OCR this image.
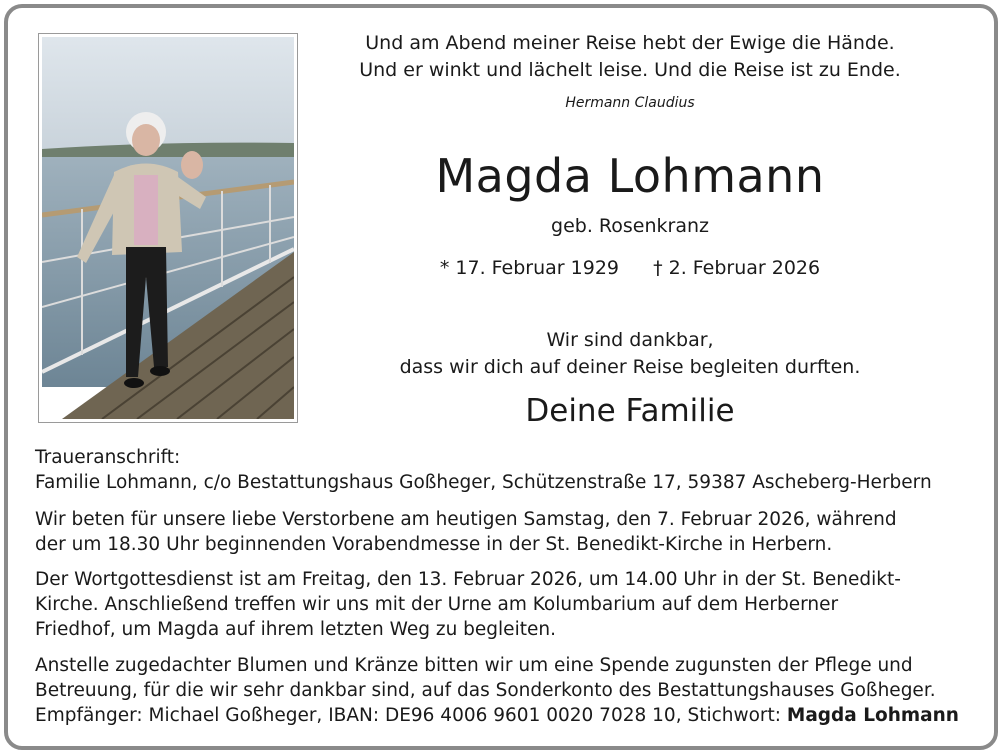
Und am Abend meiner Reise hebt der Ewige die Hände.
Und er winkt und lächelt leise. Und die Reise ist zu Ende.
Hermann Claudius
Magda Lohmann
geb. Rosenkranz
* 17. Februar 1929 † 2. Februar 2026
Wir sind dankbar,
dass wir dich auf deiner Reise begleiten durften.
Deine Familie
Traueranschrift:
Familie Lohmann, c/o Bestattungshaus Goßheger, Schützenstraße 17, 59387 Ascheberg-Herbern
Wir beten für unsere liebe Verstorbene am heutigen Samstag, den 7. Februar 2026, während
der um 18.30 Uhr beginnenden Vorabendmesse in der St. Benedikt-Kirche in Herbern.
Der Wortgottesdienst ist am Freitag, den 13. Februar 2026, um 14.00 Uhr in der St. Benedikt-
Kirche. Anschließend treffen wir uns mit der Urne am Kolumbarium auf dem Herberner
Friedhof, um Magda auf ihrem letzten Weg zu begleiten.
Anstelle zugedachter Blumen und Kränze bitten wir um eine Spende zugunsten der Pflege und
Betreuung, für die wir sehr dankbar sind, auf das Sonderkonto des Bestattungshauses Goßheger.
Empfänger: Michael Goßheger, IBAN: DE96 4006 9601 0020 7028 10, Stichwort: Magda Lohmann
